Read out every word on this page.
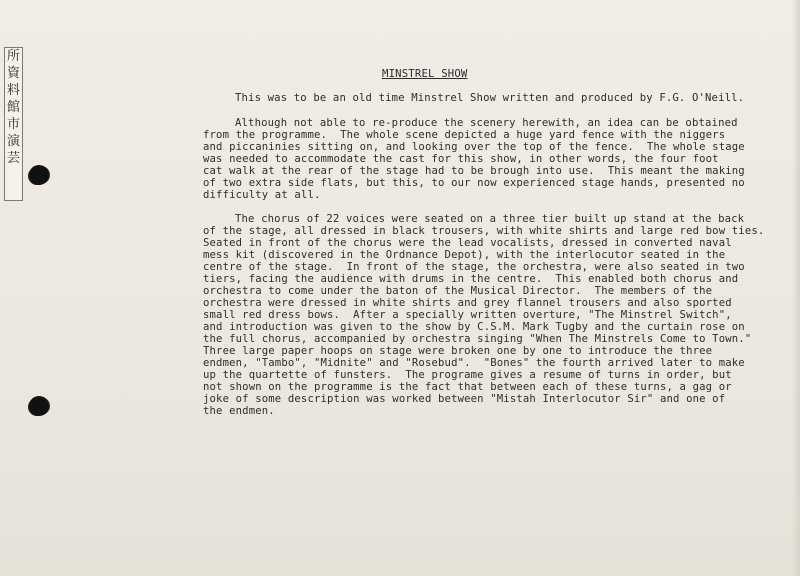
所
資
料
館
市
演
芸
MINSTREL SHOW
This was to be an old time Minstrel Show written and produced by F.G. O'Neill.
Although not able to re-produce the scenery herewith, an idea can be obtained
from the programme.  The whole scene depicted a huge yard fence with the niggers
and piccaninies sitting on, and looking over the top of the fence.  The whole stage
was needed to accommodate the cast for this show, in other words, the four foot
cat walk at the rear of the stage had to be brough into use.  This meant the making
of two extra side flats, but this, to our now experienced stage hands, presented no
difficulty at all.
The chorus of 22 voices were seated on a three tier built up stand at the back
of the stage, all dressed in black trousers, with white shirts and large red bow ties.
Seated in front of the chorus were the lead vocalists, dressed in converted naval
mess kit (discovered in the Ordnance Depot), with the interlocutor seated in the
centre of the stage.  In front of the stage, the orchestra, were also seated in two
tiers, facing the audience with drums in the centre.  This enabled both chorus and
orchestra to come under the baton of the Musical Director.  The members of the
orchestra were dressed in white shirts and grey flannel trousers and also sported
small red dress bows.  After a specially written overture, "The Minstrel Switch",
and introduction was given to the show by C.S.M. Mark Tugby and the curtain rose on
the full chorus, accompanied by orchestra singing "When The Minstrels Come to Town."
Three large paper hoops on stage were broken one by one to introduce the three
endmen, "Tambo", "Midnite" and "Rosebud".  "Bones" the fourth arrived later to make
up the quartette of funsters.  The programe gives a resume of turns in order, but
not shown on the programme is the fact that between each of these turns, a gag or
joke of some description was worked between "Mistah Interlocutor Sir" and one of
the endmen.
